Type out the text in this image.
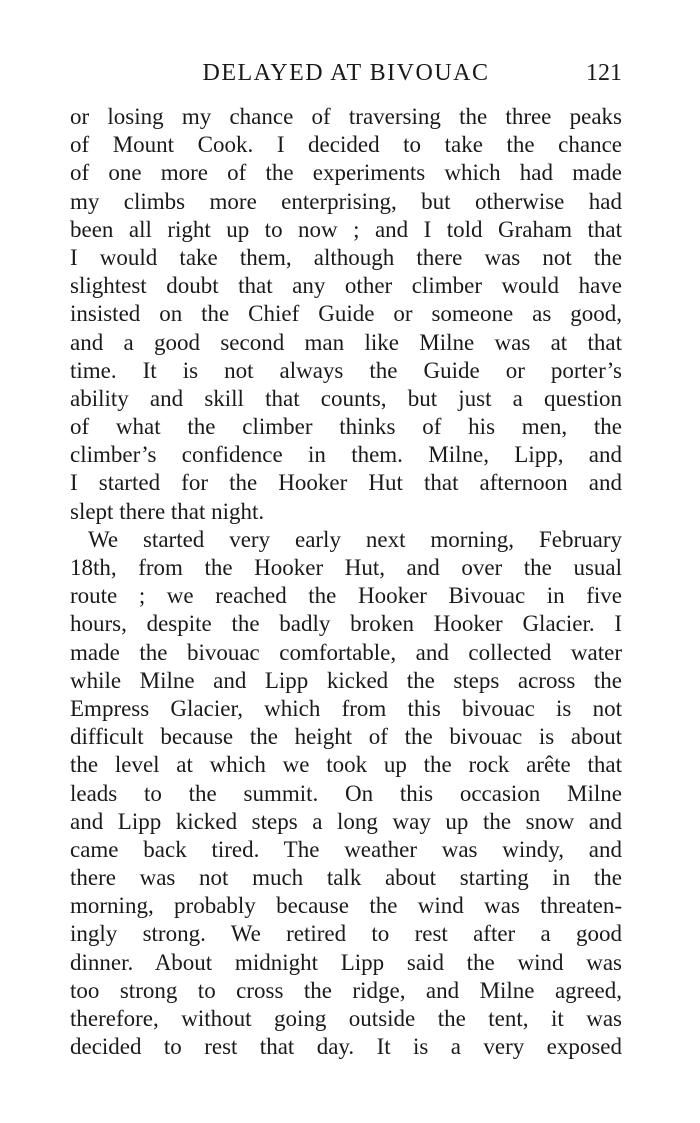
DELAYED AT BIVOUAC	121
or losing my chance of traversing the three peaks
of Mount Cook. I decided to take the chance
of one more of the experiments which had made
my climbs more enterprising, but otherwise had
been all right up to now ; and I told Graham that
I would take them, although there was not the
slightest doubt that any other climber would have
insisted on the Chief Guide or someone as good,
and a good second man like Milne was at that
time. It is not always the Guide or porter’s
ability and skill that counts, but just a question
of what the climber thinks of his men, the
climber’s confidence in them. Milne, Lipp, and
I started for the Hooker Hut that afternoon and
slept there that night.
We started very early next morning, February
18th, from the Hooker Hut, and over the usual
route ; we reached the Hooker Bivouac in five
hours, despite the badly broken Hooker Glacier. I
made the bivouac comfortable, and collected water
while Milne and Lipp kicked the steps across the
Empress Glacier, which from this bivouac is not
difficult because the height of the bivouac is about
the level at which we took up the rock arête that
leads to the summit. On this occasion Milne
and Lipp kicked steps a long way up the snow and
came back tired. The weather was windy, and
there was not much talk about starting in the
morning, probably because the wind was threaten-
ingly strong. We retired to rest after a good
dinner. About midnight Lipp said the wind was
too strong to cross the ridge, and Milne agreed,
therefore, without going outside the tent, it was
decided to rest that day. It is a very exposed
